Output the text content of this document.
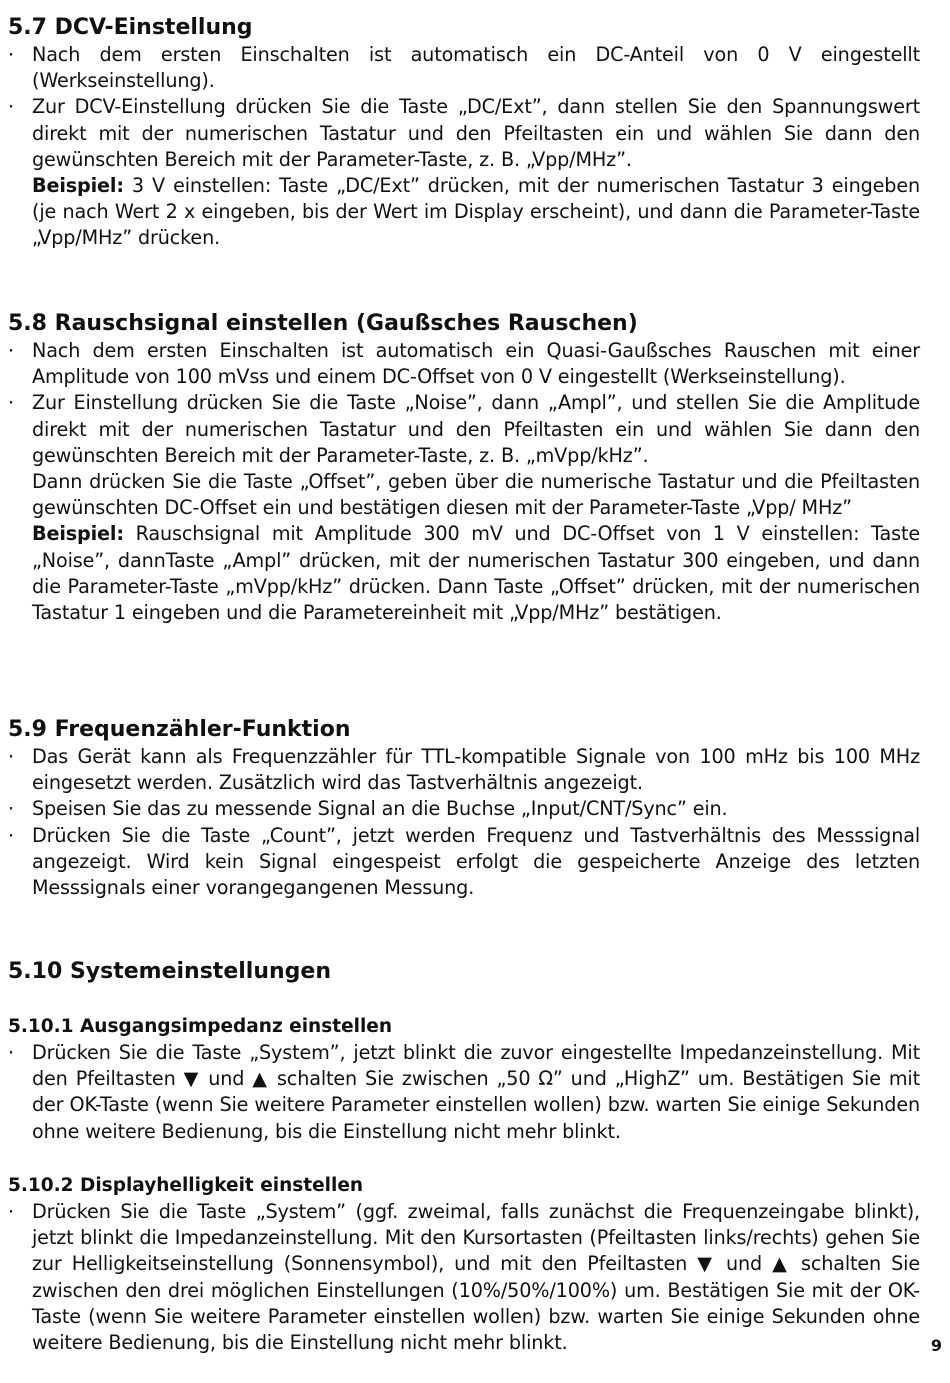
5.7 DCV-Einstellung
· Nach dem ersten Einschalten ist automatisch ein DC-Anteil von 0 V eingestellt (Werkseinstellung).
· Zur DCV-Einstellung drücken Sie die Taste „DC/Ext”, dann stellen Sie den Spannungswert direkt mit der numerischen Tastatur und den Pfeiltasten ein und wählen Sie dann den gewünschten Bereich mit der Parameter-Taste, z. B. „Vpp/MHz”.
Beispiel: 3 V einstellen: Taste „DC/Ext” drücken, mit der numerischen Tastatur 3 eingeben (je nach Wert 2 x eingeben, bis der Wert im Display erscheint), und dann die Parameter-Taste „Vpp/MHz” drücken.
5.8 Rauschsignal einstellen (Gaußsches Rauschen)
· Nach dem ersten Einschalten ist automatisch ein Quasi-Gaußsches Rauschen mit einer Amplitude von 100 mVss und einem DC-Offset von 0 V eingestellt (Werkseinstellung).
· Zur Einstellung drücken Sie die Taste „Noise”, dann „Ampl”, und stellen Sie die Amplitude direkt mit der numerischen Tastatur und den Pfeiltasten ein und wählen Sie dann den gewünschten Bereich mit der Parameter-Taste, z. B. „mVpp/kHz”.
Dann drücken Sie die Taste „Offset”, geben über die numerische Tastatur und die Pfeiltasten gewünschten DC-Offset ein und bestätigen diesen mit der Parameter-Taste „Vpp/ MHz”
Beispiel: Rauschsignal mit Amplitude 300 mV und DC-Offset von 1 V einstellen: Taste „Noise”, dannTaste „Ampl” drücken, mit der numerischen Tastatur 300 eingeben, und dann die Parameter-Taste „mVpp/kHz” drücken. Dann Taste „Offset” drücken, mit der numerischen Tastatur 1 eingeben und die Parametereinheit mit „Vpp/MHz” bestätigen.
5.9 Frequenzähler-Funktion
· Das Gerät kann als Frequenzzähler für TTL-kompatible Signale von 100 mHz bis 100 MHz eingesetzt werden. Zusätzlich wird das Tastverhältnis angezeigt.
· Speisen Sie das zu messende Signal an die Buchse „Input/CNT/Sync” ein.
· Drücken Sie die Taste „Count”, jetzt werden Frequenz und Tastverhältnis des Messsignal angezeigt. Wird kein Signal eingespeist erfolgt die gespeicherte Anzeige des letzten Messsignals einer vorangegangenen Messung.
5.10 Systemeinstellungen
5.10.1 Ausgangsimpedanz einstellen
· Drücken Sie die Taste „System”, jetzt blinkt die zuvor eingestellte Impedanzeinstellung. Mit den Pfeiltasten ▼ und ▲ schalten Sie zwischen „50 Ω” und „HighZ” um. Bestätigen Sie mit der OK-Taste (wenn Sie weitere Parameter einstellen wollen) bzw. warten Sie einige Sekunden ohne weitere Bedienung, bis die Einstellung nicht mehr blinkt.
5.10.2 Displayhelligkeit einstellen
· Drücken Sie die Taste „System” (ggf. zweimal, falls zunächst die Frequenzeingabe blinkt), jetzt blinkt die Impedanzeinstellung. Mit den Kursortasten (Pfeiltasten links/rechts) gehen Sie zur Helligkeitseinstellung (Sonnensymbol), und mit den Pfeiltasten ▼ und ▲ schalten Sie zwischen den drei möglichen Einstellungen (10%/50%/100%) um. Bestätigen Sie mit der OK-Taste (wenn Sie weitere Parameter einstellen wollen) bzw. warten Sie einige Sekunden ohne weitere Bedienung, bis die Einstellung nicht mehr blinkt.	9
